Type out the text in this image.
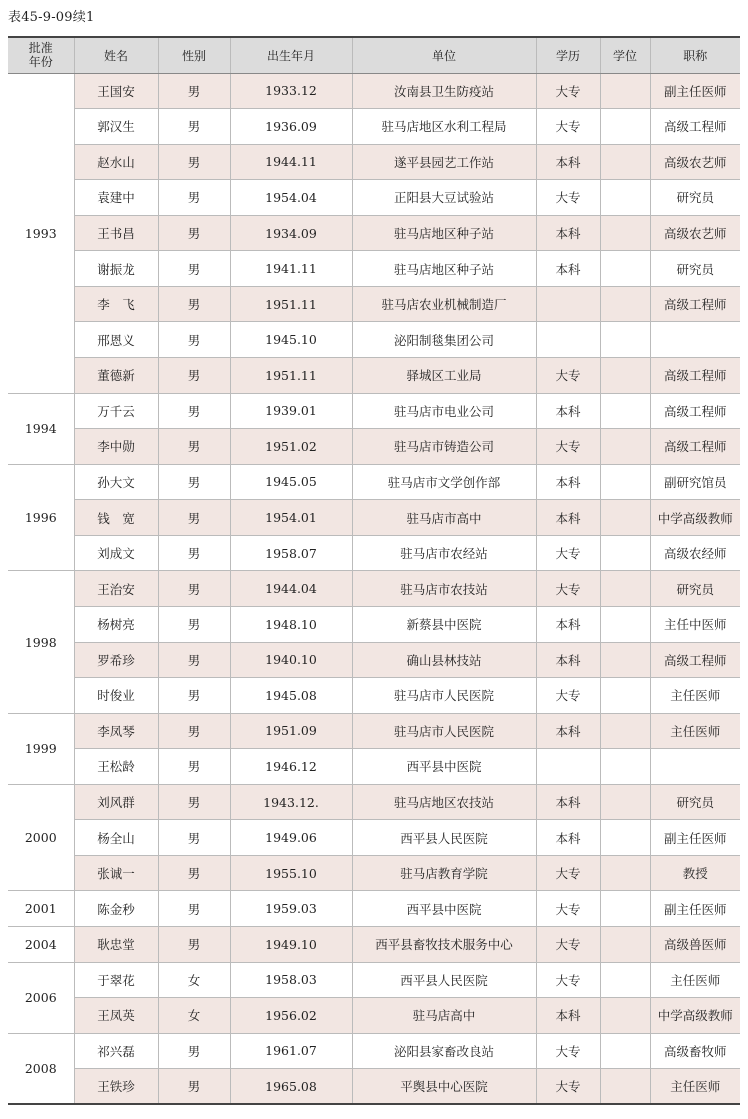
表45-9-09续1
批准
年份	姓名	性别	出生年月	单位	学历	学位	职称
1993	王国安	男	1933.12	汝南县卫生防疫站	大专		副主任医师
	郭汉生	男	1936.09	驻马店地区水利工程局	大专		高级工程师
	赵水山	男	1944.11	遂平县园艺工作站	本科		高级农艺师
	袁建中	男	1954.04	正阳县大豆试验站	大专		研究员
	王书昌	男	1934.09	驻马店地区种子站	本科		高级农艺师
	谢振龙	男	1941.11	驻马店地区种子站	本科		研究员
	李　飞	男	1951.11	驻马店农业机械制造厂			高级工程师
	邢恩义	男	1945.10	泌阳制毯集团公司			
	董德新	男	1951.11	驿城区工业局	大专		高级工程师
1994	万千云	男	1939.01	驻马店市电业公司	本科		高级工程师
	李中勋	男	1951.02	驻马店市铸造公司	大专		高级工程师
1996	孙大文	男	1945.05	驻马店市文学创作部	本科		副研究馆员
	钱　宽	男	1954.01	驻马店市高中	本科		中学高级教师
	刘成文	男	1958.07	驻马店市农经站	大专		高级农经师
1998	王治安	男	1944.04	驻马店市农技站	大专		研究员
	杨树亮	男	1948.10	新蔡县中医院	本科		主任中医师
	罗希珍	男	1940.10	确山县林技站	本科		高级工程师
	时俊业	男	1945.08	驻马店市人民医院	大专		主任医师
1999	李凤琴	男	1951.09	驻马店市人民医院	本科		主任医师
	王松龄	男	1946.12	西平县中医院			
2000	刘风群	男	1943.12.	驻马店地区农技站	本科		研究员
	杨全山	男	1949.06	西平县人民医院	本科		副主任医师
	张诚一	男	1955.10	驻马店教育学院	大专		教授
2001	陈金秒	男	1959.03	西平县中医院	大专		副主任医师
2004	耿忠堂	男	1949.10	西平县畜牧技术服务中心	大专		高级兽医师
2006	于翠花	女	1958.03	西平县人民医院	大专		主任医师
	王凤英	女	1956.02	驻马店高中	本科		中学高级教师
2008	祁兴磊	男	1961.07	泌阳县家畜改良站	大专		高级畜牧师
	王铁珍	男	1965.08	平舆县中心医院	大专		主任医师
